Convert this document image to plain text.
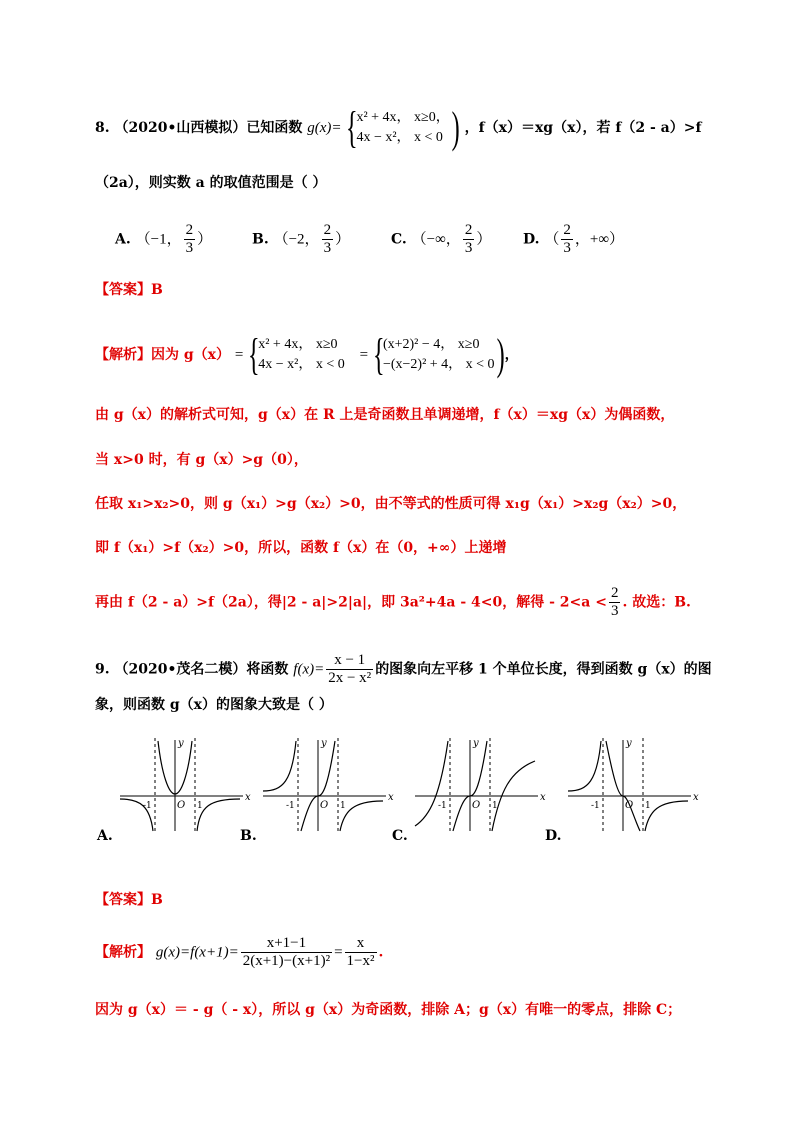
8. （2020•山西模拟）已知函数 g(x)= {
x² + 4x， x≥0，
4x − x²， x < 0 ) ，f（x）＝xg（x），若 f（2 - a）>f
（2a），则实数 a 的取值范围是（ ）
A. （−1， $\frac{2}{3}$ ）	B. （−2， $\frac{2}{3}$ ）	C. （−∞， $\frac{2}{3}$ ） D. （ $\frac{2}{3}$ ，+∞）
【答案】B
【解析】因为 g（x） = {
x² + 4x， x≥0
4x − x²， x < 0
= {
(x+2)² − 4， x≥0
−(x−2)² + 4， x < 0 ) ，
由 g（x）的解析式可知，g（x）在 R 上是奇函数且单调递增，f（x）＝xg（x）为偶函数，
当 x>0 时，有 g（x）>g（0），
任取 x₁>x₂>0，则 g（x₁）>g（x₂）>0，由不等式的性质可得 x₁g（x₁）>x₂g（x₂）>0，
即 f（x₁）>f（x₂）>0，所以，函数 f（x）在（0，+∞）上递增
再由 f（2 - a）>f（2a），得|2 - a|>2|a|，即 3a²+4a - 4<0，解得 - $2<a < \frac{2}{3}$ . 故选：B.
9. （2020•茂名二模）将函数 $f(x)= \frac{x - 1}{\text{2x − x²}}$ 的图象向左平移 1 个单位长度，得到函数 g（x）的图
象，则函数 g（x）的图象大致是（ ）
x
y
-1	O 1
A.
x
y
-1	O 1
B.
x
y
-1	O 1
C.
x
y
-1	O 1
D.
【答案】B
【解析】 $g(x)=f(x+1)= \frac{x+1-1}{\text{2(x+1)−(x+1)²}} = \frac{x}{\text{1−x²}}$ .
因为 g（x）＝ - g（ - x），所以 g（x）为奇函数，排除 A；g（x）有唯一的零点，排除 C；
